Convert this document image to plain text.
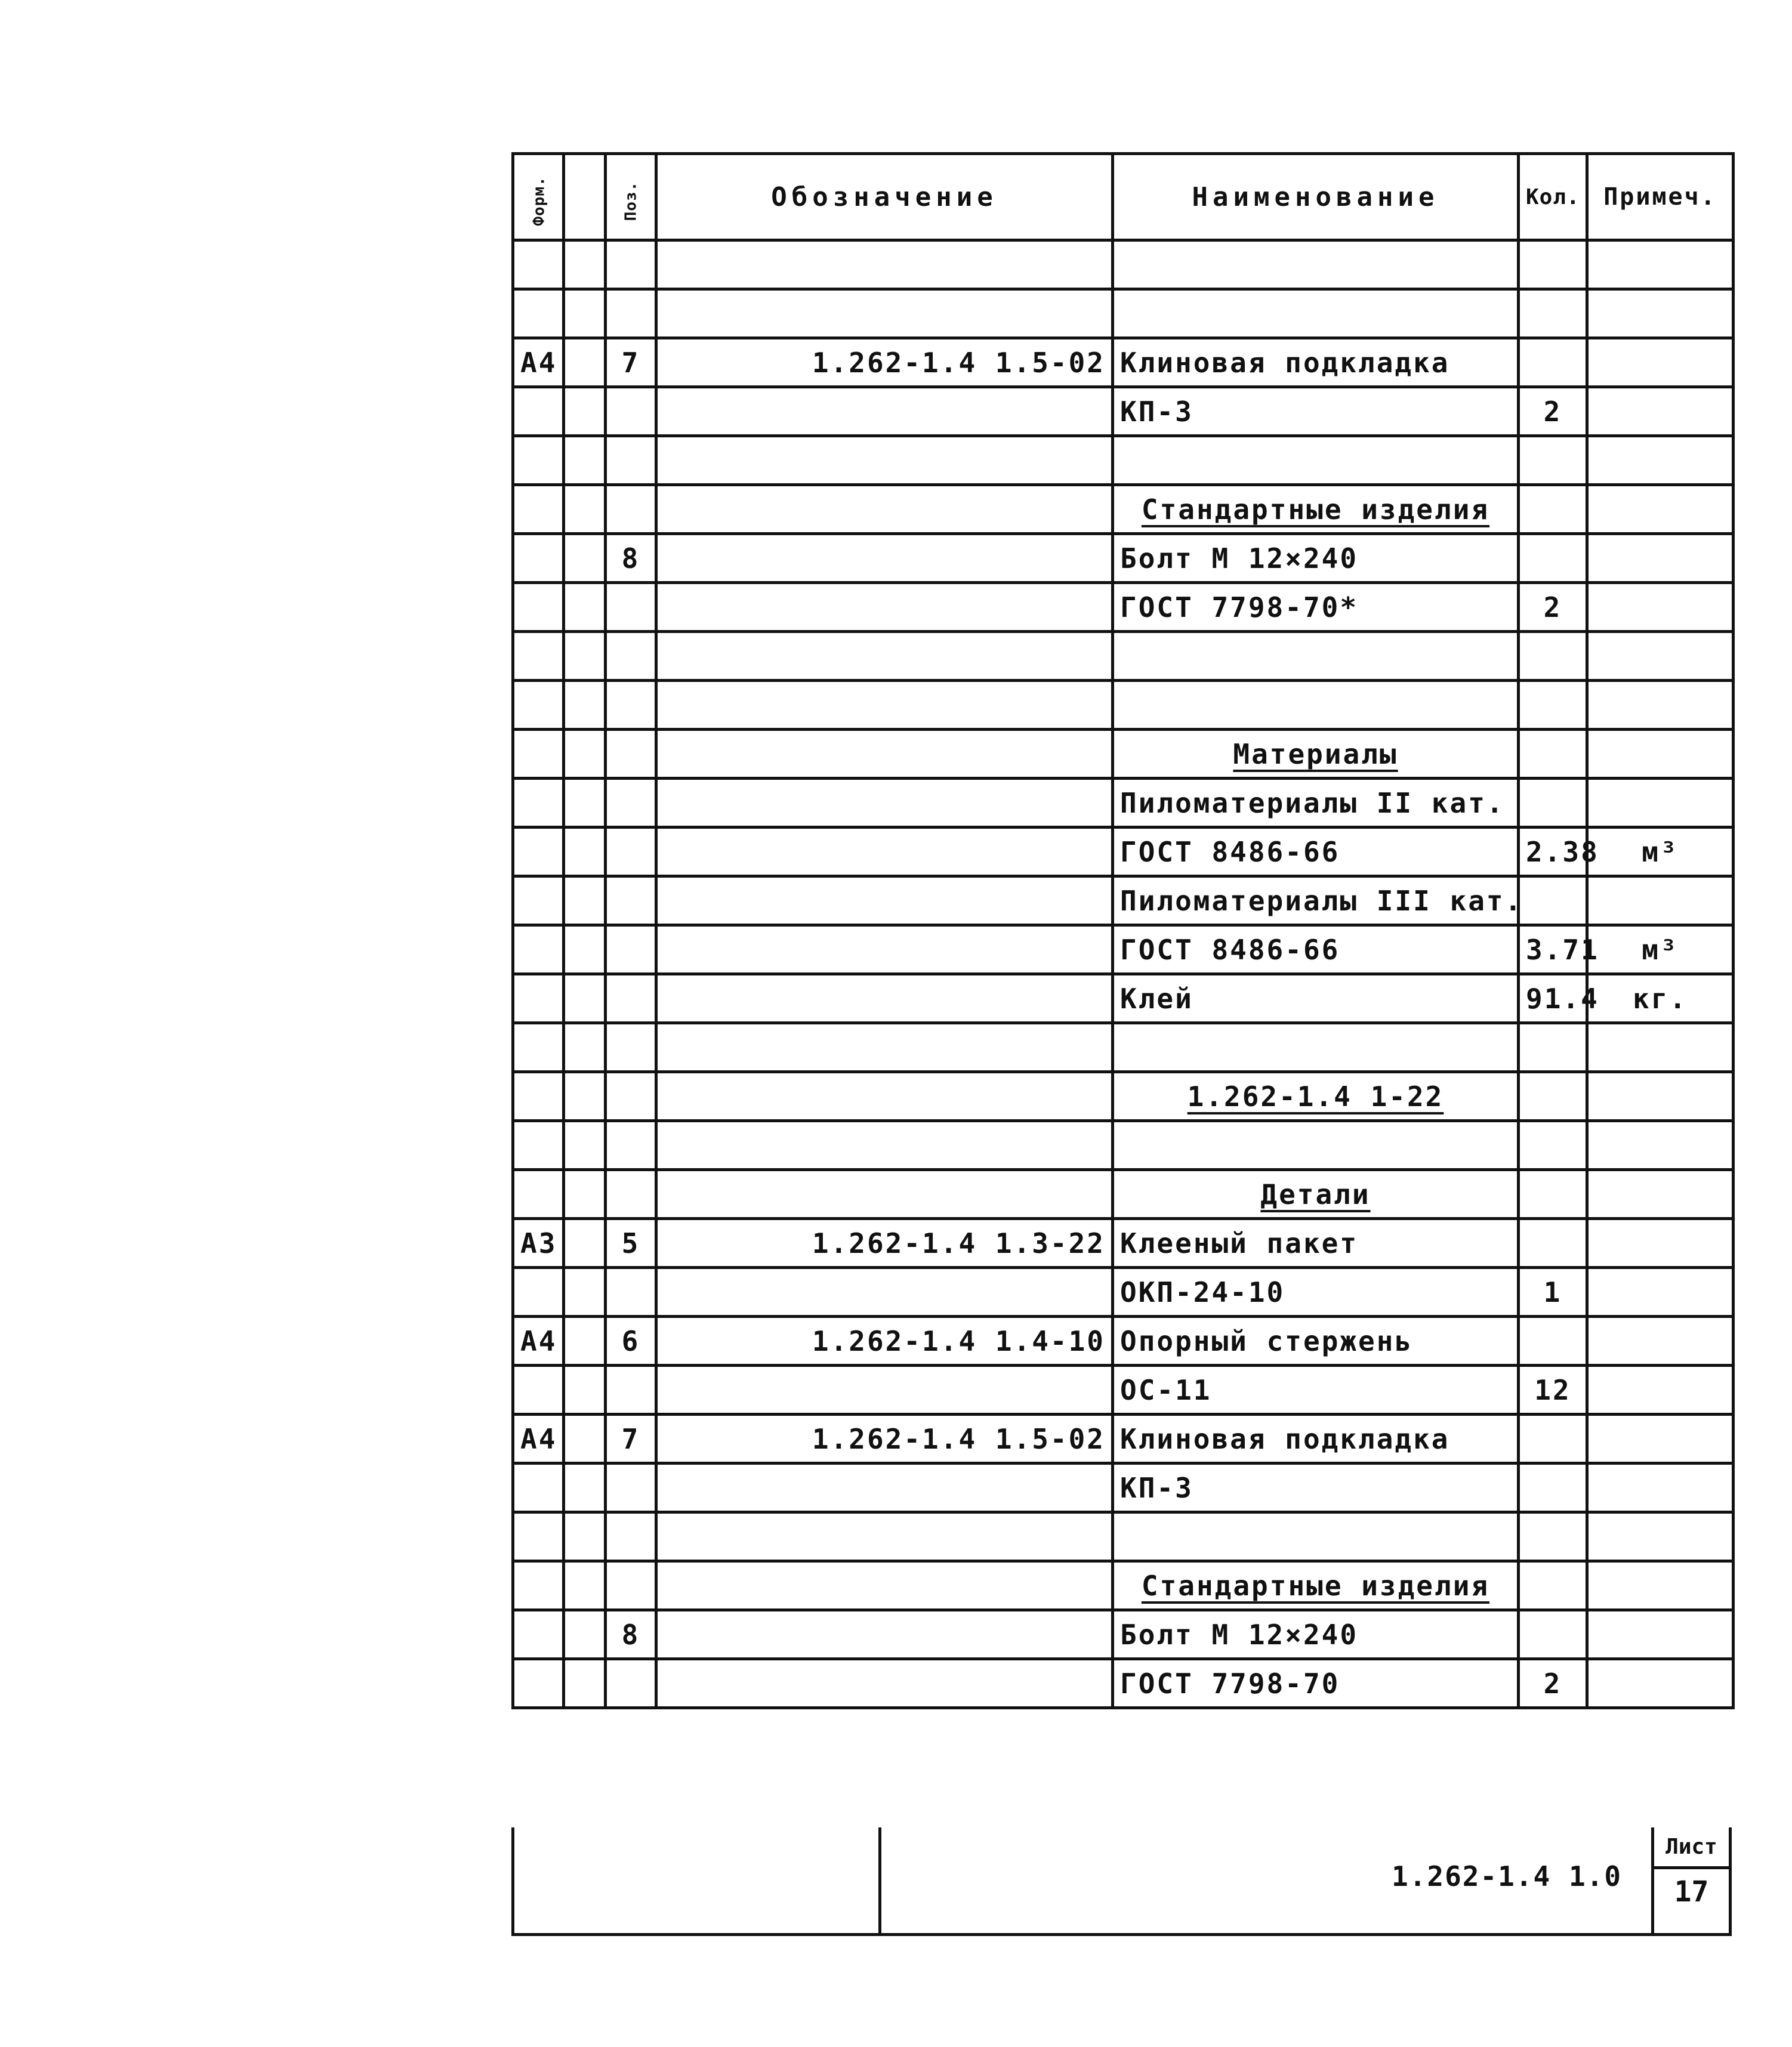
Форм.		Поз.	Обозначение	Наименование	Кол.	Примеч.

А4		7	1.262-1.4 1.5-02	Клиновая подкладка		
				КП-3	2	

				Стандартные изделия		
		8		Болт М 12×240		
				ГОСТ 7798-70*	2	

				Материалы		
				Пиломатериалы II кат.		
				ГОСТ 8486-66	2.38	м³
				Пиломатериалы III кат.		
				ГОСТ 8486-66	3.71	м³
				Клей	91.4	кг.

				1.262-1.4 1-22		

				Детали		
А3		5	1.262-1.4 1.3-22	Клееный пакет		
				ОКП-24-10	1	
А4		6	1.262-1.4 1.4-10	Опорный стержень		
				ОС-11	12	
А4		7	1.262-1.4 1.5-02	Клиновая подкладка		
				КП-3		

				Стандартные изделия		
		8		Болт М 12×240		
				ГОСТ 7798-70	2	
1.262-1.4 1.0
Лист
17
